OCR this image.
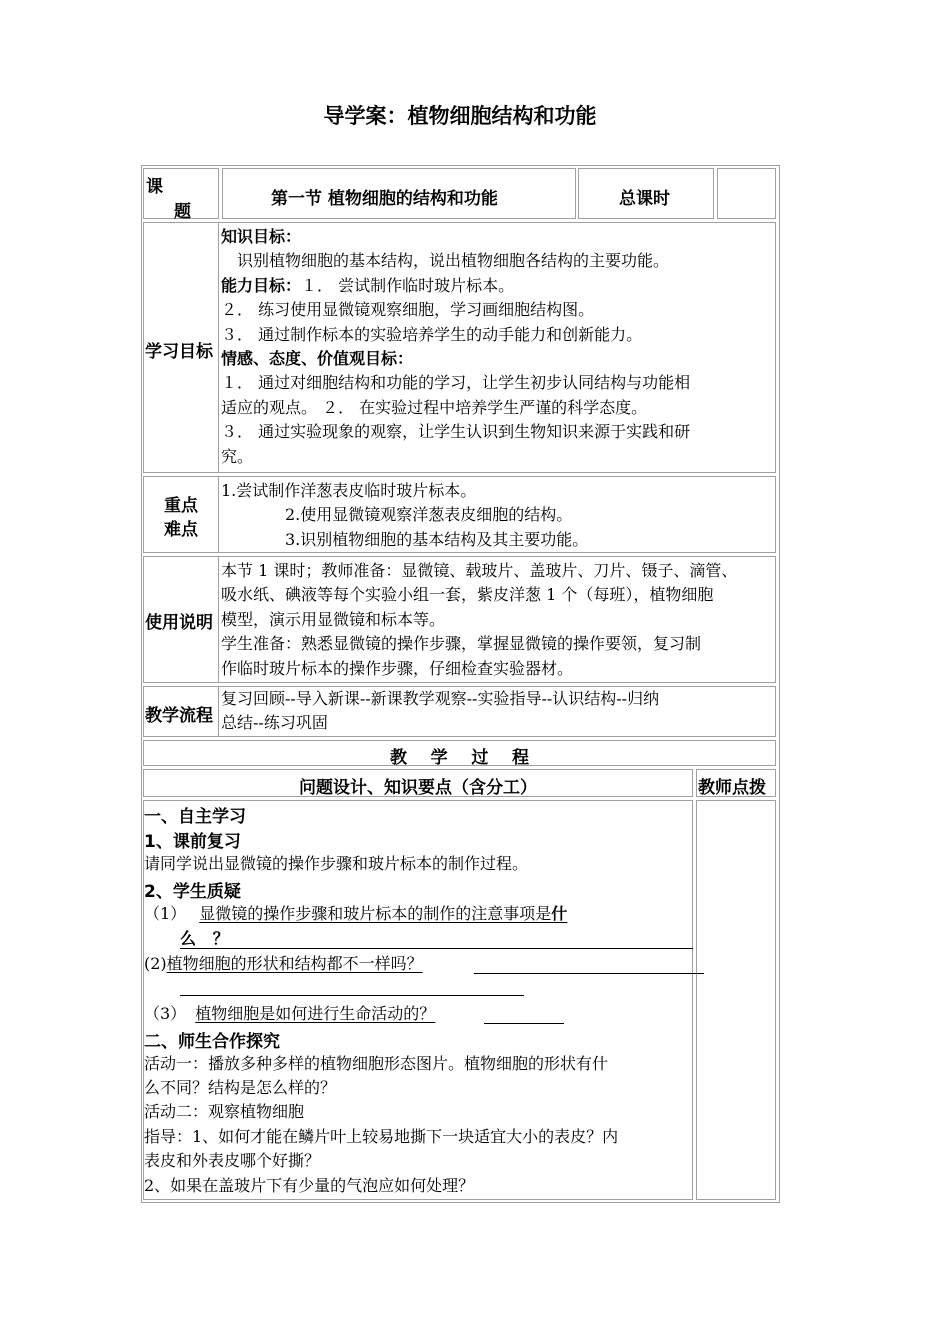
导学案：植物细胞结构和功能
课
题
第一节 植物细胞的结构和功能	总课时
学习目标
知识目标：
识别植物细胞的基本结构，说出植物细胞各结构的主要功能。
能力目标：１． 尝试制作临时玻片标本。
２． 练习使用显微镜观察细胞，学习画细胞结构图。
３． 通过制作标本的实验培养学生的动手能力和创新能力。
情感、态度、价值观目标：
１． 通过对细胞结构和功能的学习，让学生初步认同结构与功能相
适应的观点。 ２． 在实验过程中培养学生严谨的科学态度。
３． 通过实验现象的观察，让学生认识到生物知识来源于实践和研
究。
重点
难点
1.尝试制作洋葱表皮临时玻片标本。
2.使用显微镜观察洋葱表皮细胞的结构。
3.识别植物细胞的基本结构及其主要功能。
使用说明
本节 1 课时；教师准备：显微镜、载玻片、盖玻片、刀片、镊子、滴管、
吸水纸、碘液等每个实验小组一套，紫皮洋葱 1 个（每班），植物细胞
模型，演示用显微镜和标本等。
学生准备：熟悉显微镜的操作步骤，掌握显微镜的操作要领，复习制
作临时玻片标本的操作步骤，仔细检查实验器材。
教学流程
复习回顾--导入新课--新课教学观察--实验指导--认识结构--归纳
总结--练习巩固
教    学    过    程
问题设计、知识要点（含分工）	教师点拨
一、自主学习
1、课前复习
请同学说出显微镜的操作步骤和玻片标本的制作过程。
2、学生质疑
（1） 显微镜的操作步骤和玻片标本的制作的注意事项是什
么   ？
(2)植物细胞的形状和结构都不一样吗？
（3） 植物细胞是如何进行生命活动的？
二、师生合作探究
活动一：播放多种多样的植物细胞形态图片。植物细胞的形状有什
么不同？结构是怎么样的？
活动二：观察植物细胞
指导：1、如何才能在鳞片叶上较易地撕下一块适宜大小的表皮？内
表皮和外表皮哪个好撕？
2、如果在盖玻片下有少量的气泡应如何处理？
